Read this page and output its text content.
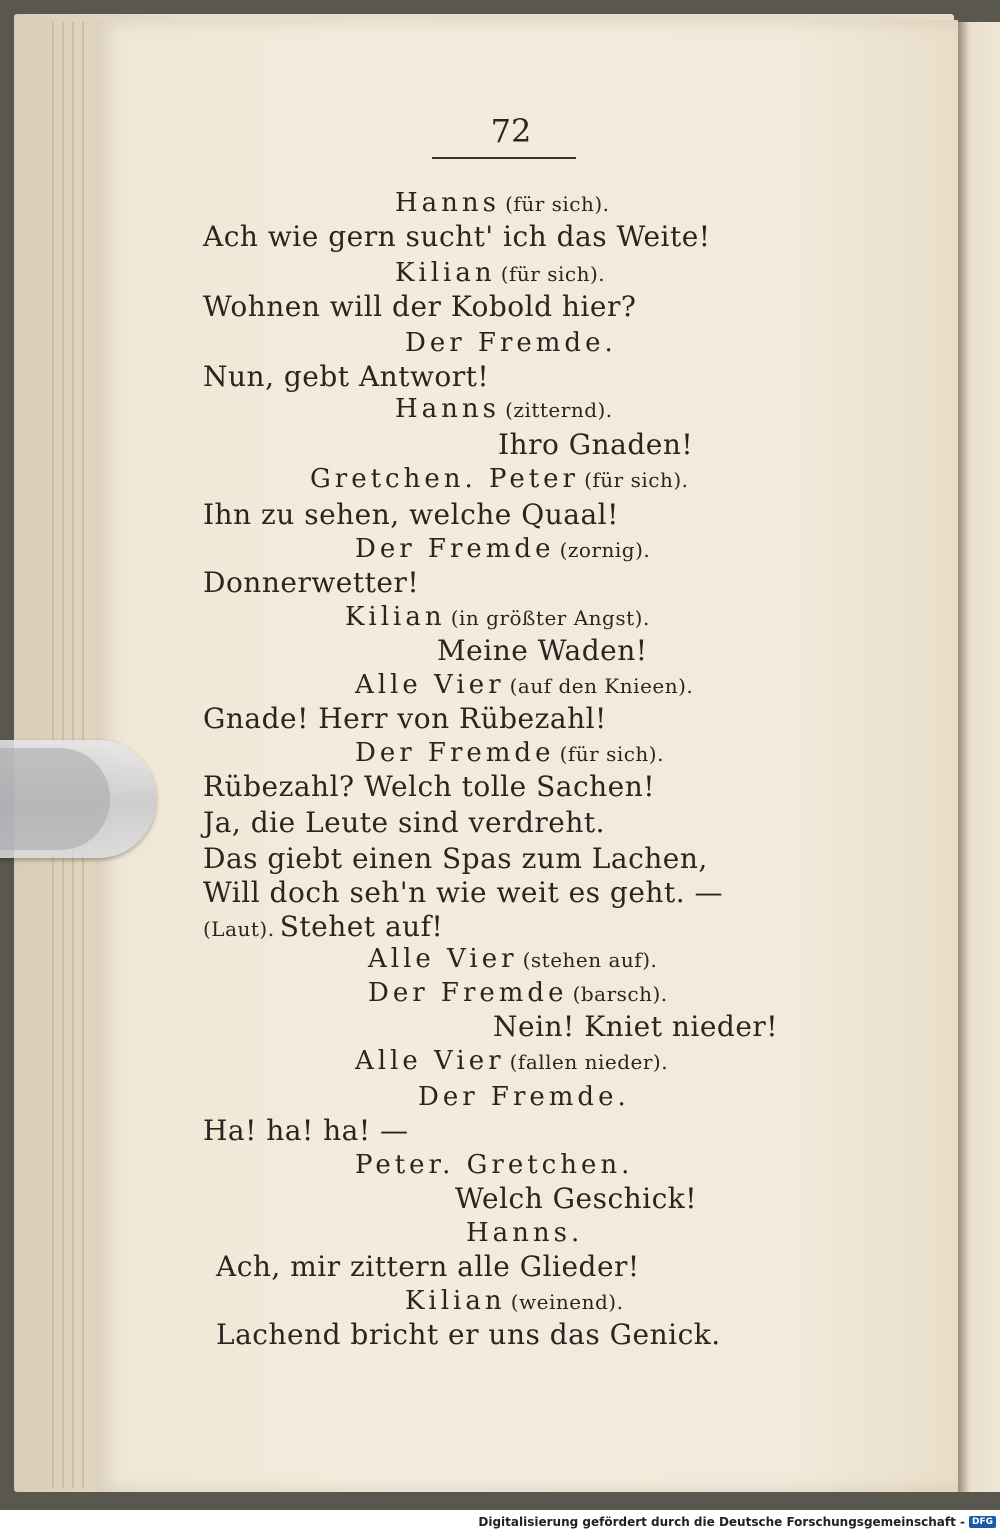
72
Hanns (für sich).
Ach wie gern sucht' ich das Weite!
Kilian (für sich).
Wohnen will der Kobold hier?
Der Fremde.
Nun, gebt Antwort!
Hanns (zitternd).
Ihro Gnaden!
Gretchen. Peter (für sich).
Ihn zu sehen, welche Quaal!
Der Fremde (zornig).
Donnerwetter!
Kilian (in größter Angst).
Meine Waden!
Alle Vier (auf den Knieen).
Gnade! Herr von Rübezahl!
Der Fremde (für sich).
Rübezahl? Welch tolle Sachen!
Ja, die Leute sind verdreht.
Das giebt einen Spas zum Lachen,
Will doch seh'n wie weit es geht. —
(Laut). Stehet auf!
Alle Vier (stehen auf).
Der Fremde (barsch).
Nein! Kniet nieder!
Alle Vier (fallen nieder).
Der Fremde.
Ha! ha! ha! —
Peter. Gretchen.
Welch Geschick!
Hanns.
Ach, mir zittern alle Glieder!
Kilian (weinend).
Lachend bricht er uns das Genick.
Digitalisierung gefördert durch die Deutsche Forschungsgemeinschaft - DFG
